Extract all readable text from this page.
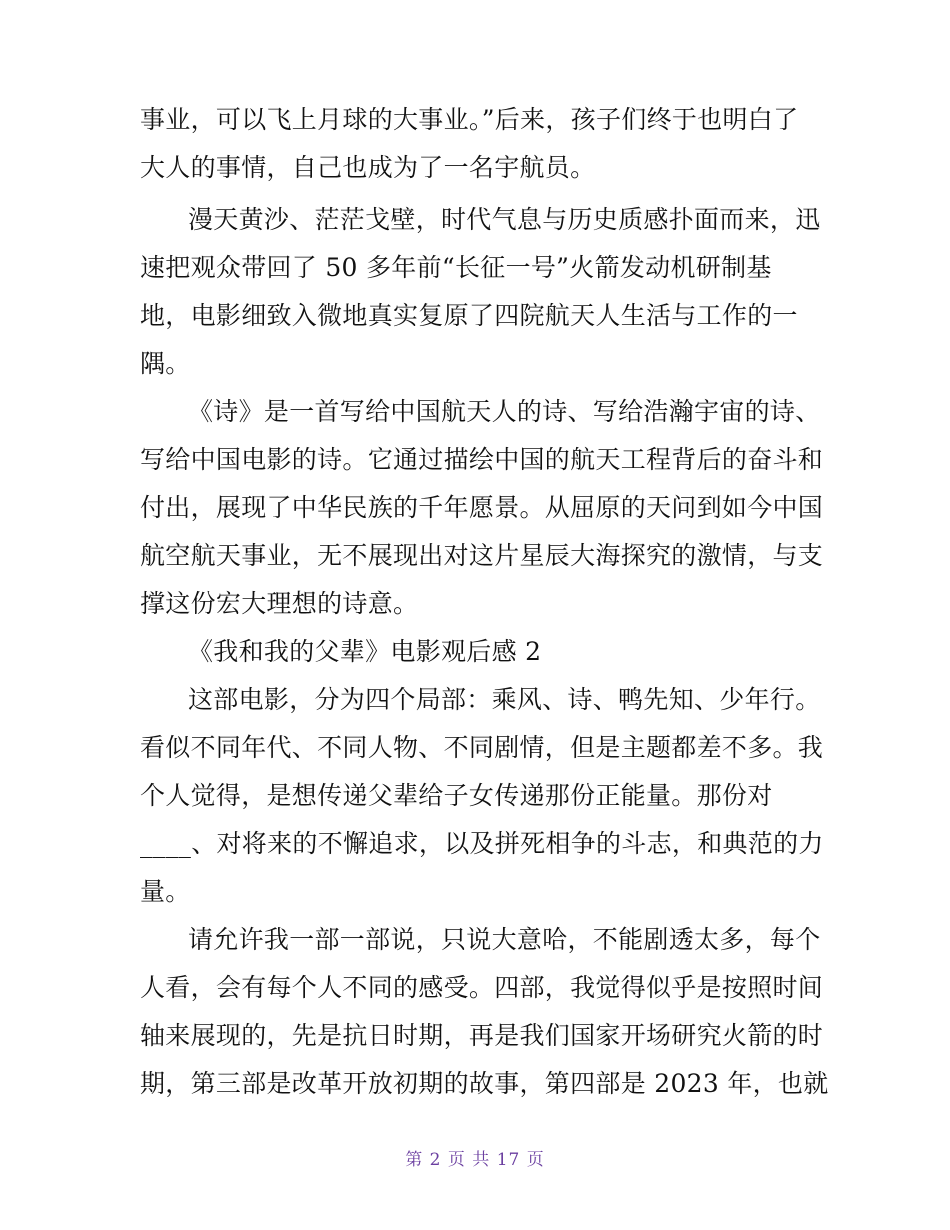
事业，可以飞上月球的大事业。”后来，孩子们终于也明白了
大人的事情，自己也成为了一名宇航员。
漫天黄沙、茫茫戈壁，时代气息与历史质感扑面而来，迅
速把观众带回了 50 多年前“长征一号”火箭发动机研制基
地，电影细致入微地真实复原了四院航天人生活与工作的一
隅。
《诗》是一首写给中国航天人的诗、写给浩瀚宇宙的诗、
写给中国电影的诗。它通过描绘中国的航天工程背后的奋斗和
付出，展现了中华民族的千年愿景。从屈原的天问到如今中国
航空航天事业，无不展现出对这片星辰大海探究的激情，与支
撑这份宏大理想的诗意。
《我和我的父辈》电影观后感 2
这部电影，分为四个局部：乘风、诗、鸭先知、少年行。
看似不同年代、不同人物、不同剧情，但是主题都差不多。我
个人觉得，是想传递父辈给子女传递那份正能量。那份对
____、对将来的不懈追求，以及拼死相争的斗志，和典范的力
量。
请允许我一部一部说，只说大意哈，不能剧透太多，每个
人看，会有每个人不同的感受。四部，我觉得似乎是按照时间
轴来展现的，先是抗日时期，再是我们国家开场研究火箭的时
期，第三部是改革开放初期的故事，第四部是 2023 年，也就
第 2 页 共 17 页
